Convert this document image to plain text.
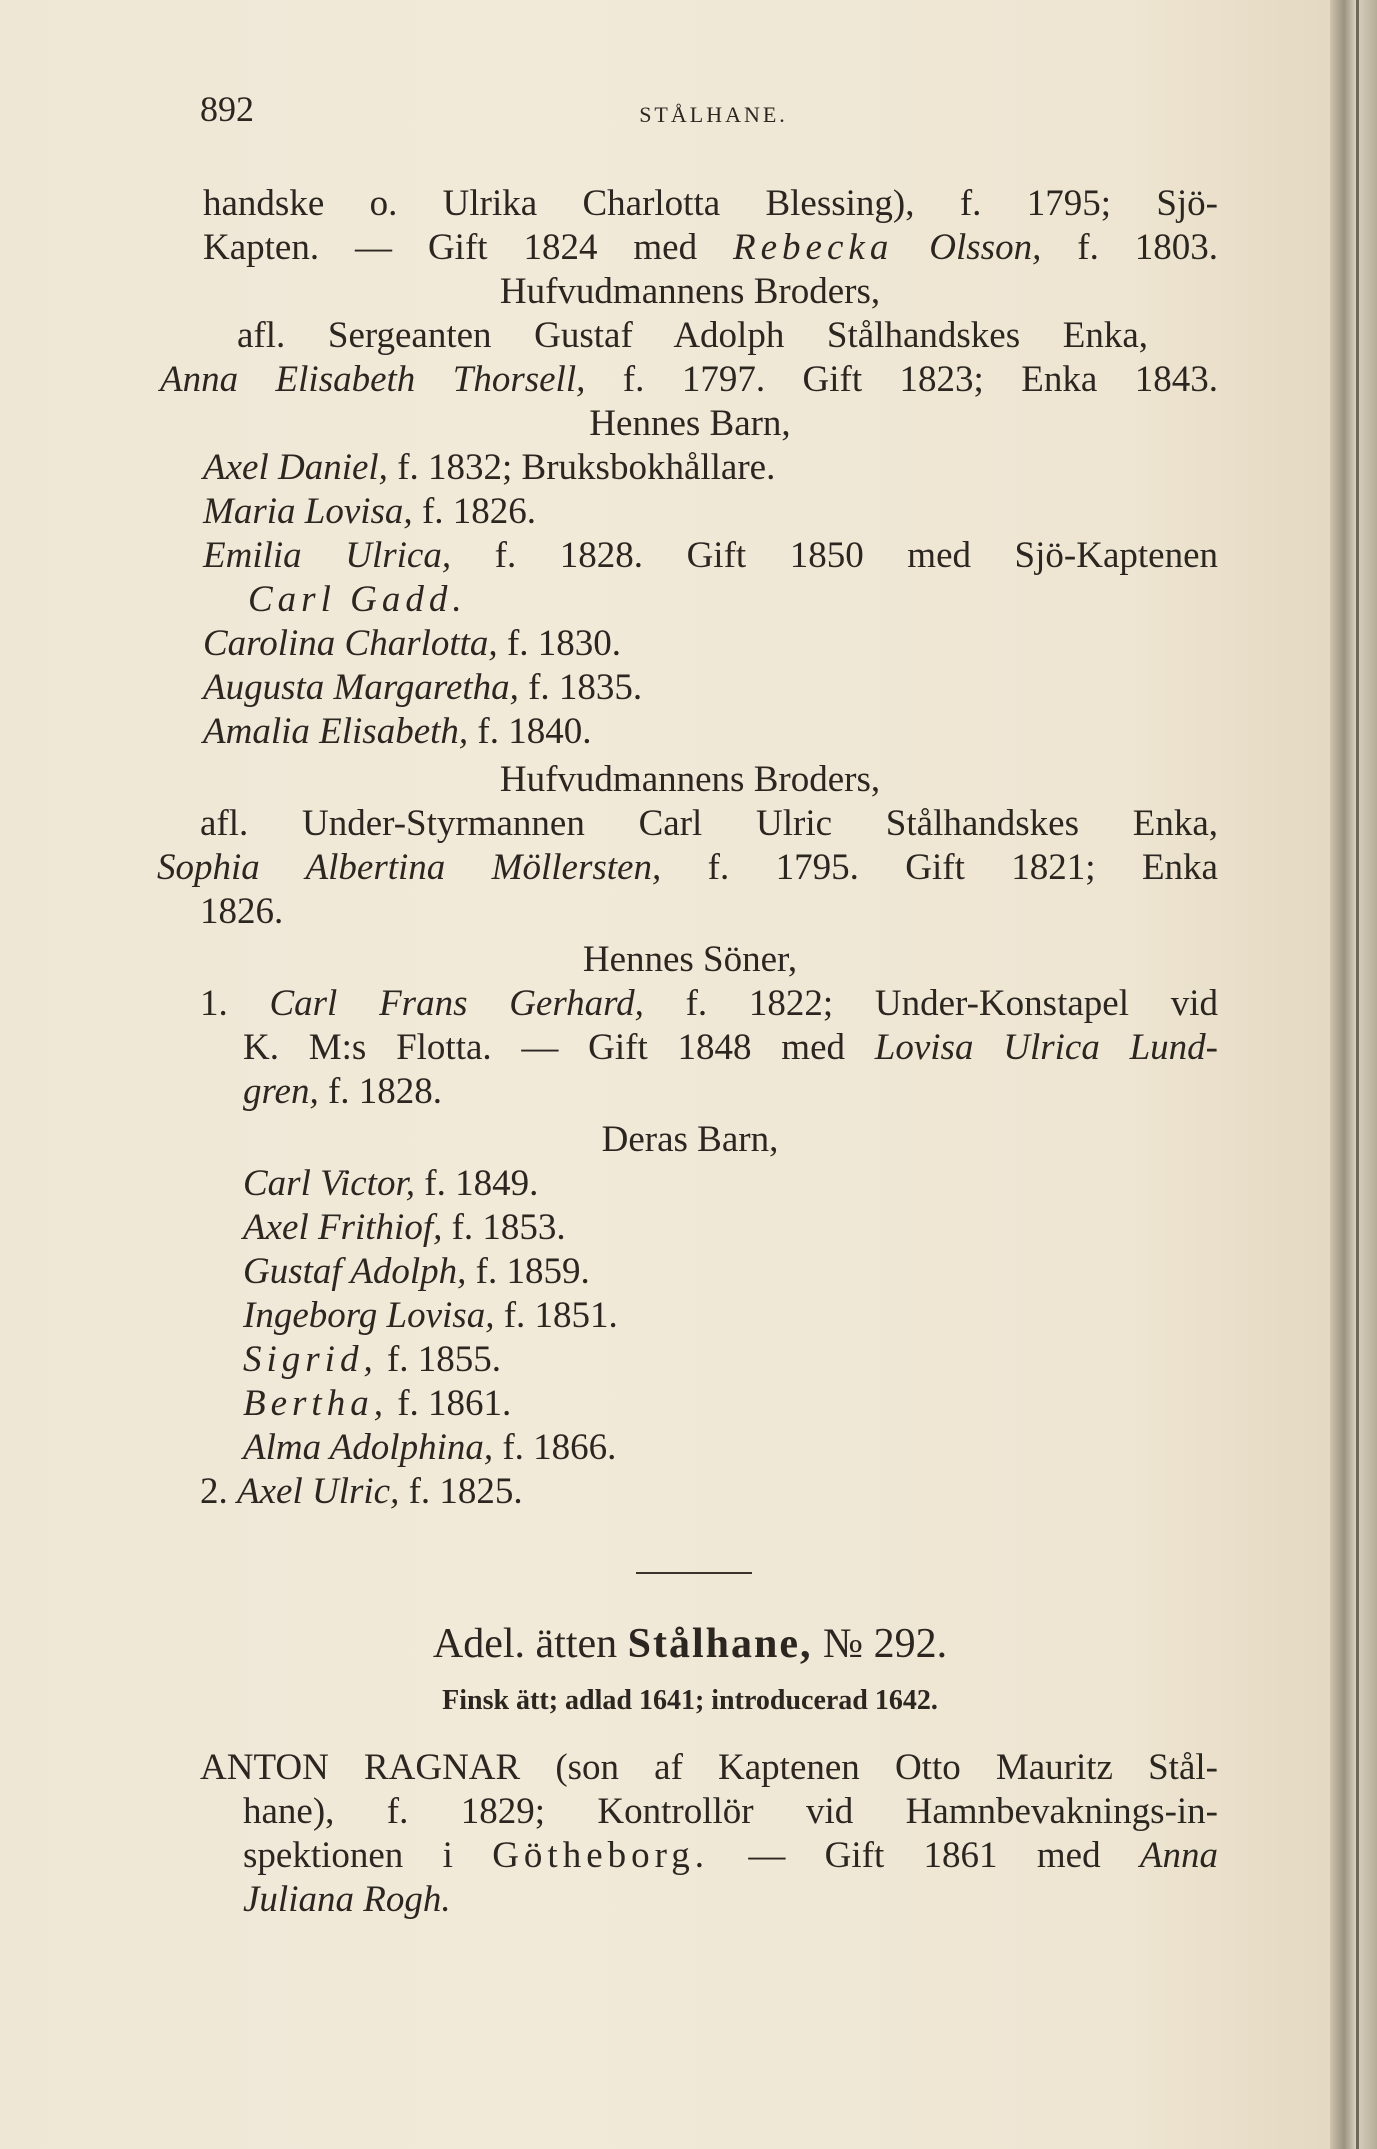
892	STÅLHANE.
handske o. Ulrika Charlotta Blessing), f. 1795; Sjö-
Kapten. — Gift 1824 med Rebecka Olsson, f. 1803.
Hufvudmannens Broders,
afl. Sergeanten Gustaf Adolph Stålhandskes Enka,
Anna Elisabeth Thorsell, f. 1797. Gift 1823; Enka 1843.
Hennes Barn,
Axel Daniel, f. 1832; Bruksbokhållare.
Maria Lovisa, f. 1826.
Emilia Ulrica, f. 1828. Gift 1850 med Sjö-Kaptenen
Carl Gadd.
Carolina Charlotta, f. 1830.
Augusta Margaretha, f. 1835.
Amalia Elisabeth, f. 1840.
Hufvudmannens Broders,
afl. Under-Styrmannen Carl Ulric Stålhandskes Enka,
Sophia Albertina Möllersten, f. 1795. Gift 1821; Enka
1826.
Hennes Söner,
1. Carl Frans Gerhard, f. 1822; Under-Konstapel vid
K. M:s Flotta. — Gift 1848 med Lovisa Ulrica Lund-
gren, f. 1828.
Deras Barn,
Carl Victor, f. 1849.
Axel Frithiof, f. 1853.
Gustaf Adolph, f. 1859.
Ingeborg Lovisa, f. 1851.
Sigrid, f. 1855.
Bertha, f. 1861.
Alma Adolphina, f. 1866.
2. Axel Ulric, f. 1825.
Adel. ätten Stålhane, № 292.
Finsk ätt; adlad 1641; introducerad 1642.
ANTON RAGNAR (son af Kaptenen Otto Mauritz Stål-
hane), f. 1829; Kontrollör vid Hamnbevaknings-in-
spektionen i Götheborg. — Gift 1861 med Anna
Juliana Rogh.
